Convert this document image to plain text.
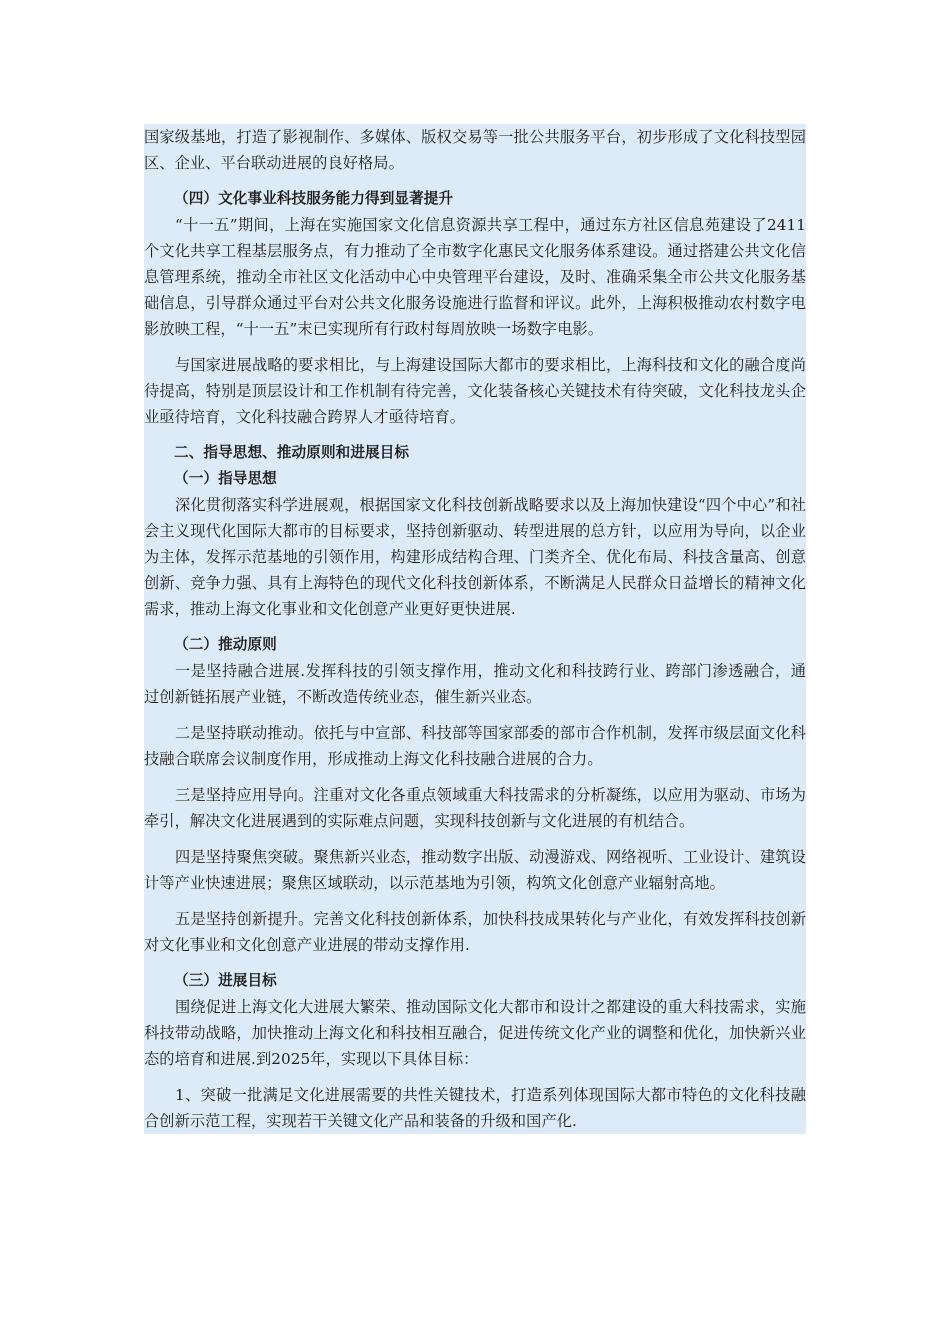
国家级基地，打造了影视制作、多媒体、版权交易等一批公共服务平台，初步形成了文化科技型园区、企业、平台联动进展的良好格局。

（四）文化事业科技服务能力得到显著提升

“十一五”期间，上海在实施国家文化信息资源共享工程中，通过东方社区信息苑建设了2411个文化共享工程基层服务点，有力推动了全市数字化惠民文化服务体系建设。通过搭建公共文化信息管理系统，推动全市社区文化活动中心中央管理平台建设，及时、准确采集全市公共文化服务基础信息，引导群众通过平台对公共文化服务设施进行监督和评议。此外，上海积极推动农村数字电影放映工程，“十一五”末已实现所有行政村每周放映一场数字电影。

与国家进展战略的要求相比，与上海建设国际大都市的要求相比，上海科技和文化的融合度尚待提高，特别是顶层设计和工作机制有待完善，文化装备核心关键技术有待突破，文化科技龙头企业亟待培育，文化科技融合跨界人才亟待培育。

二、指导思想、推动原则和进展目标

（一）指导思想

深化贯彻落实科学进展观，根据国家文化科技创新战略要求以及上海加快建设“四个中心”和社会主义现代化国际大都市的目标要求，坚持创新驱动、转型进展的总方针，以应用为导向，以企业为主体，发挥示范基地的引领作用，构建形成结构合理、门类齐全、优化布局、科技含量高、创意创新、竞争力强、具有上海特色的现代文化科技创新体系，不断满足人民群众日益增长的精神文化需求，推动上海文化事业和文化创意产业更好更快进展.

（二）推动原则

一是坚持融合进展.发挥科技的引领支撑作用，推动文化和科技跨行业、跨部门渗透融合，通过创新链拓展产业链，不断改造传统业态，催生新兴业态。

二是坚持联动推动。依托与中宣部、科技部等国家部委的部市合作机制，发挥市级层面文化科技融合联席会议制度作用，形成推动上海文化科技融合进展的合力。

三是坚持应用导向。注重对文化各重点领域重大科技需求的分析凝练，以应用为驱动、市场为牵引，解决文化进展遇到的实际难点问题，实现科技创新与文化进展的有机结合。

四是坚持聚焦突破。聚焦新兴业态，推动数字出版、动漫游戏、网络视听、工业设计、建筑设计等产业快速进展；聚焦区域联动，以示范基地为引领，构筑文化创意产业辐射高地。

五是坚持创新提升。完善文化科技创新体系，加快科技成果转化与产业化，有效发挥科技创新对文化事业和文化创意产业进展的带动支撑作用.

（三）进展目标

围绕促进上海文化大进展大繁荣、推动国际文化大都市和设计之都建设的重大科技需求，实施科技带动战略，加快推动上海文化和科技相互融合，促进传统文化产业的调整和优化，加快新兴业态的培育和进展.到2025年，实现以下具体目标：

1、突破一批满足文化进展需要的共性关键技术，打造系列体现国际大都市特色的文化科技融合创新示范工程，实现若干关键文化产品和装备的升级和国产化.
